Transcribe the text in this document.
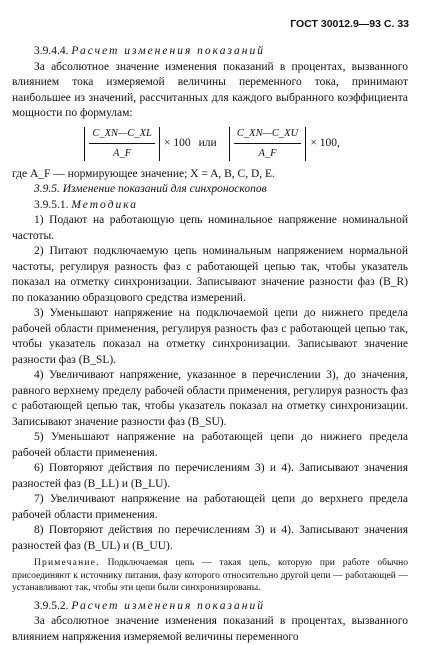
ГОСТ 30012.9—93 С. 33

3.9.4.4. Расчет изменения показаний

За абсолютное значение изменения показаний в процентах, вызванного влиянием тока измеряемой величины переменного тока, принимают наибольшее из значений, рассчитанных для каждого выбранного коэффициента мощности по формулам:

$\frac{C\_XN—C\_XL}{A\_F} \times 100$ или $\frac{C\_XN—C\_XU}{A\_F} \times 100$,

где A_F — нормирующее значение; X = A, B, C, D, E.

3.9.5. Изменение показаний для синхроноскопов

3.9.5.1. Методика

1) Подают на работающую цепь номинальное напряжение номинальной частоты.

2) Питают подключаемую цепь номинальным напряжением нормальной частоты, регулируя разность фаз с работающей цепью так, чтобы указатель показал на отметку синхронизации. Записывают значение разности фаз (B_R) по показанию образцового средства измерений.

3) Уменьшают напряжение на подключаемой цепи до нижнего предела рабочей области применения, регулируя разность фаз с работающей цепью так, чтобы указатель показал на отметку синхронизации. Записывают значение разности фаз (B_SL).

4) Увеличивают напряжение, указанное в перечислении 3), до значения, равного верхнему пределу рабочей области применения, регулируя разность фаз с работающей цепью так, чтобы указатель показал на отметку синхронизации. Записывают значение разности фаз (B_SU).

5) Уменьшают напряжение на работающей цепи до нижнего предела рабочей области применения.

6) Повторяют действия по перечислениям 3) и 4). Записывают значения разностей фаз (B_LL) и (B_LU).

7) Увеличивают напряжение на работающей цепи до верхнего предела рабочей области применения.

8) Повторяют действия по перечислениям 3) и 4). Записывают значения разностей фаз (B_UL) и (B_UU).

Примечание. Подключаемая цепь — такая цепь, которую при работе обычно присоединяют к источнику питания, фазу которого относительно другой цепи — работающей — устанавливают так, чтобы эти цепи были синхронизированы.

3.9.5.2. Расчет изменения показаний

За абсолютное значение изменения показаний в процентах, вызванного влиянием напряжения измеряемой величины переменного
